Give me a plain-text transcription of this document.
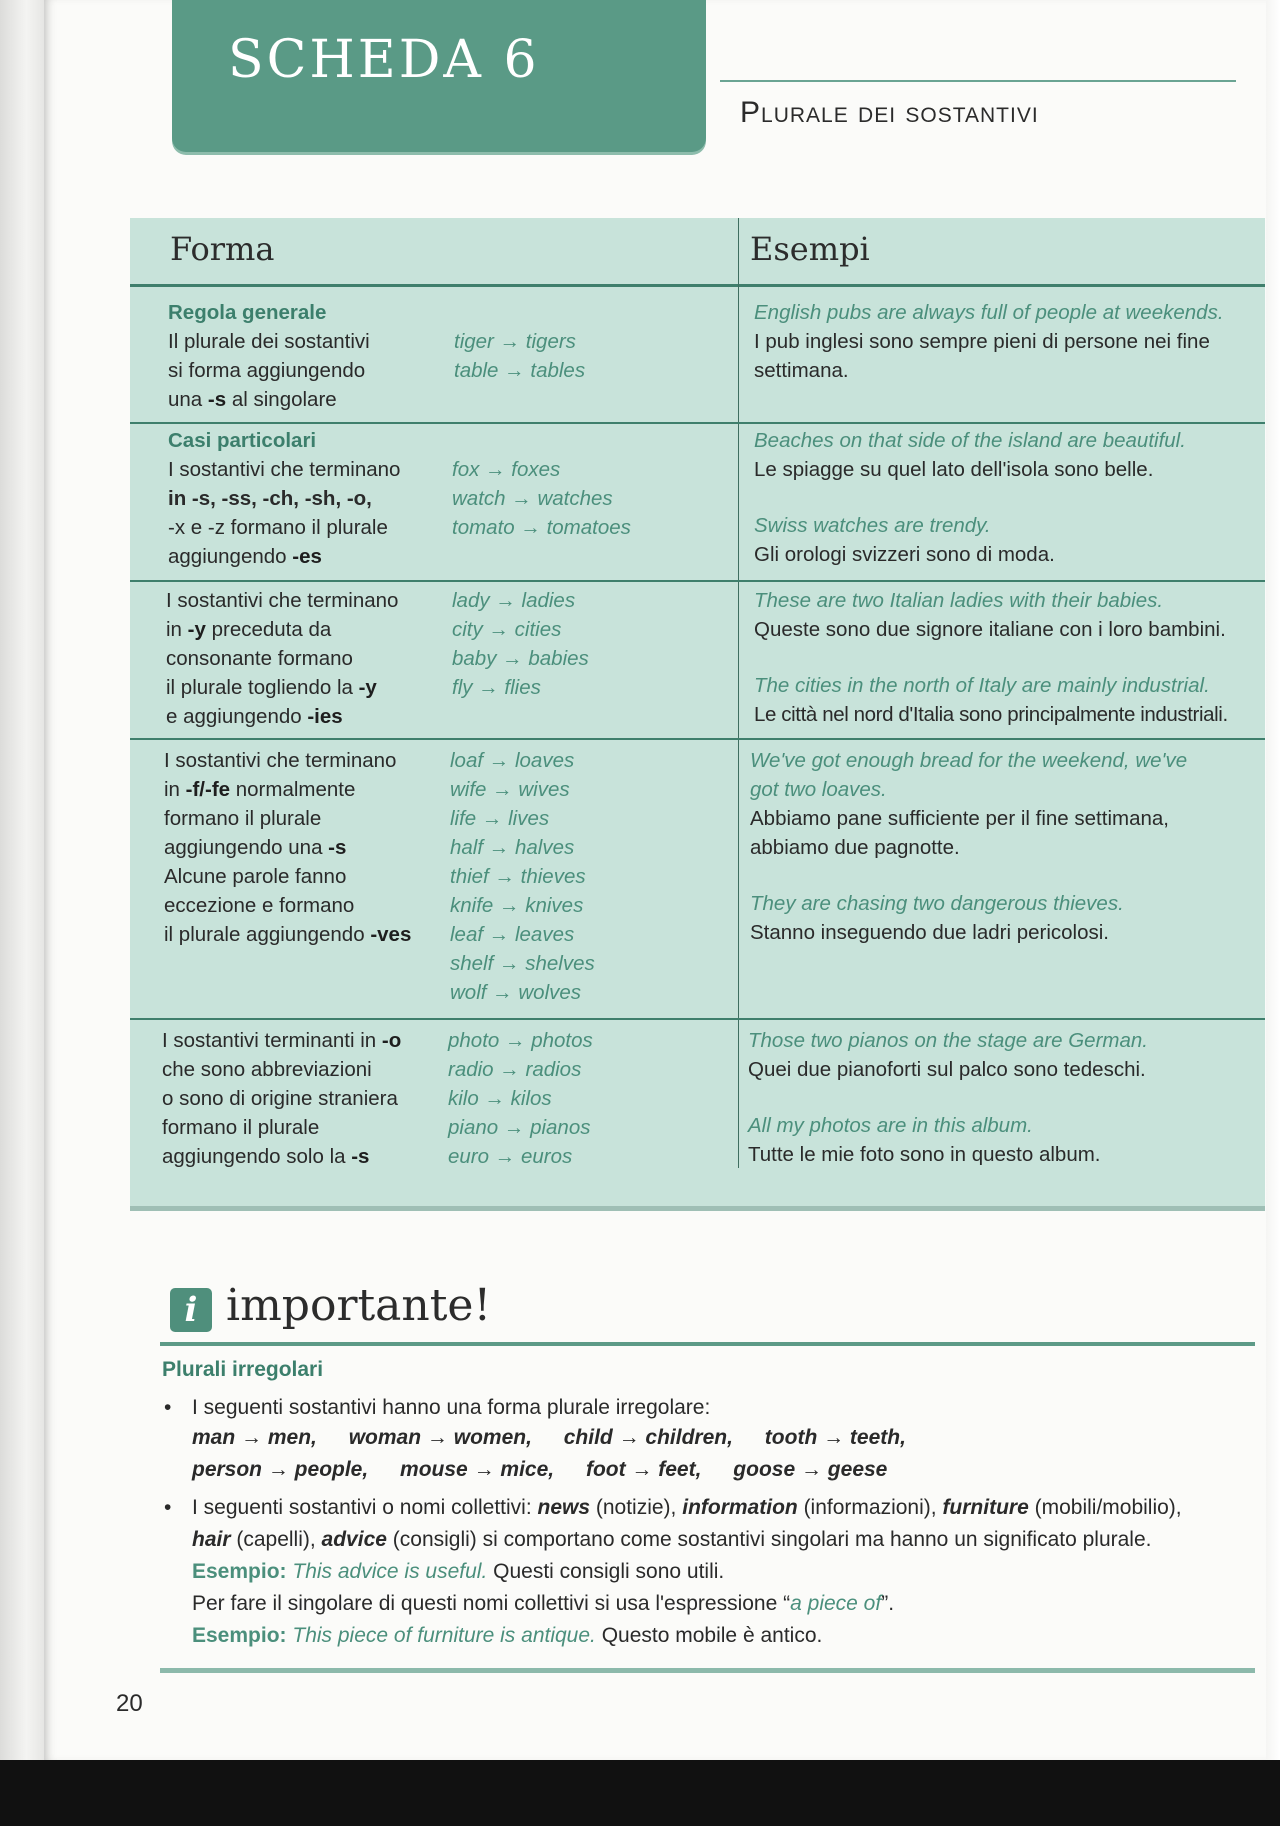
SCHEDA 6
Plurale dei sostantivi
Forma	Esempi
Regola generale
Il plurale dei sostantivi
si forma aggiungendo
una -s al singolare
tiger → tigers
table → tables
English pubs are always full of people at weekends.
I pub inglesi sono sempre pieni di persone nei fine settimana.
Casi particolari
I sostantivi che terminano
in -s, -ss, -ch, -sh, -o,
-x e -z formano il plurale
aggiungendo -es
fox → foxes
watch → watches
tomato → tomatoes
Beaches on that side of the island are beautiful.
Le spiagge su quel lato dell'isola sono belle.
Swiss watches are trendy.
Gli orologi svizzeri sono di moda.
I sostantivi che terminano
in -y preceduta da
consonante formano
il plurale togliendo la -y
e aggiungendo -ies
lady → ladies
city → cities
baby → babies
fly → flies
These are two Italian ladies with their babies.
Queste sono due signore italiane con i loro bambini.
The cities in the north of Italy are mainly industrial.
Le città nel nord d'Italia sono principalmente industriali.
I sostantivi che terminano
in -f/-fe normalmente
formano il plurale
aggiungendo una -s
Alcune parole fanno
eccezione e formano
il plurale aggiungendo -ves
loaf → loaves
wife → wives
life → lives
half → halves
thief → thieves
knife → knives
leaf → leaves
shelf → shelves
wolf → wolves
We've got enough bread for the weekend, we've
got two loaves.
Abbiamo pane sufficiente per il fine settimana,
abbiamo due pagnotte.
They are chasing two dangerous thieves.
Stanno inseguendo due ladri pericolosi.
I sostantivi terminanti in -o
che sono abbreviazioni
o sono di origine straniera
formano il plurale
aggiungendo solo la -s
photo → photos
radio → radios
kilo → kilos
piano → pianos
euro → euros
Those two pianos on the stage are German.
Quei due pianoforti sul palco sono tedeschi.
All my photos are in this album.
Tutte le mie foto sono in questo album.
i importante!
Plurali irregolari
• I seguenti sostantivi hanno una forma plurale irregolare:
man → men, woman → women, child → children, tooth → teeth,
person → people, mouse → mice, foot → feet, goose → geese
• I seguenti sostantivi o nomi collettivi: news (notizie), information (informazioni), furniture (mobili/mobilio),
hair (capelli), advice (consigli) si comportano come sostantivi singolari ma hanno un significato plurale.
Esempio: This advice is useful. Questi consigli sono utili.
Per fare il singolare di questi nomi collettivi si usa l'espressione “a piece of”.
Esempio: This piece of furniture is antique. Questo mobile è antico.
20
